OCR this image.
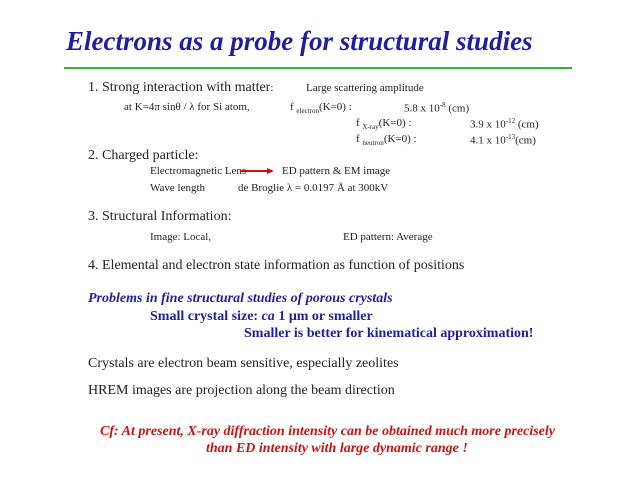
Electrons as a probe for structural studies
1. Strong interaction with matter:	Large scattering amplitude
at K=4π sinθ / λ for Si atom,	f $_{electron}$(K=0) :	5.8 x $10^{-8}$ (cm)
f $_{X-ray}$(K=0) :	3.9 x $10^{-12}$ (cm)
f $_{neutron}$(K=0) :	4.1 x $10^{-13}(cm)$
2. Charged particle:
Electromagnetic Lens	ED pattern & EM image
Wave length	de Broglie λ = 0.0197 Å at 300kV
3. Structural Information:
Image: Local,	ED pattern: Average
4. Elemental and electron state information as function of positions
Problems in fine structural studies of porous crystals
Small crystal size: ca 1 μm or smaller
Smaller is better for kinematical approximation!
Crystals are electron beam sensitive, especially zeolites
HREM images are projection along the beam direction
Cf: At present, X-ray diffraction intensity can be obtained much more precisely
than ED intensity with large dynamic range !
